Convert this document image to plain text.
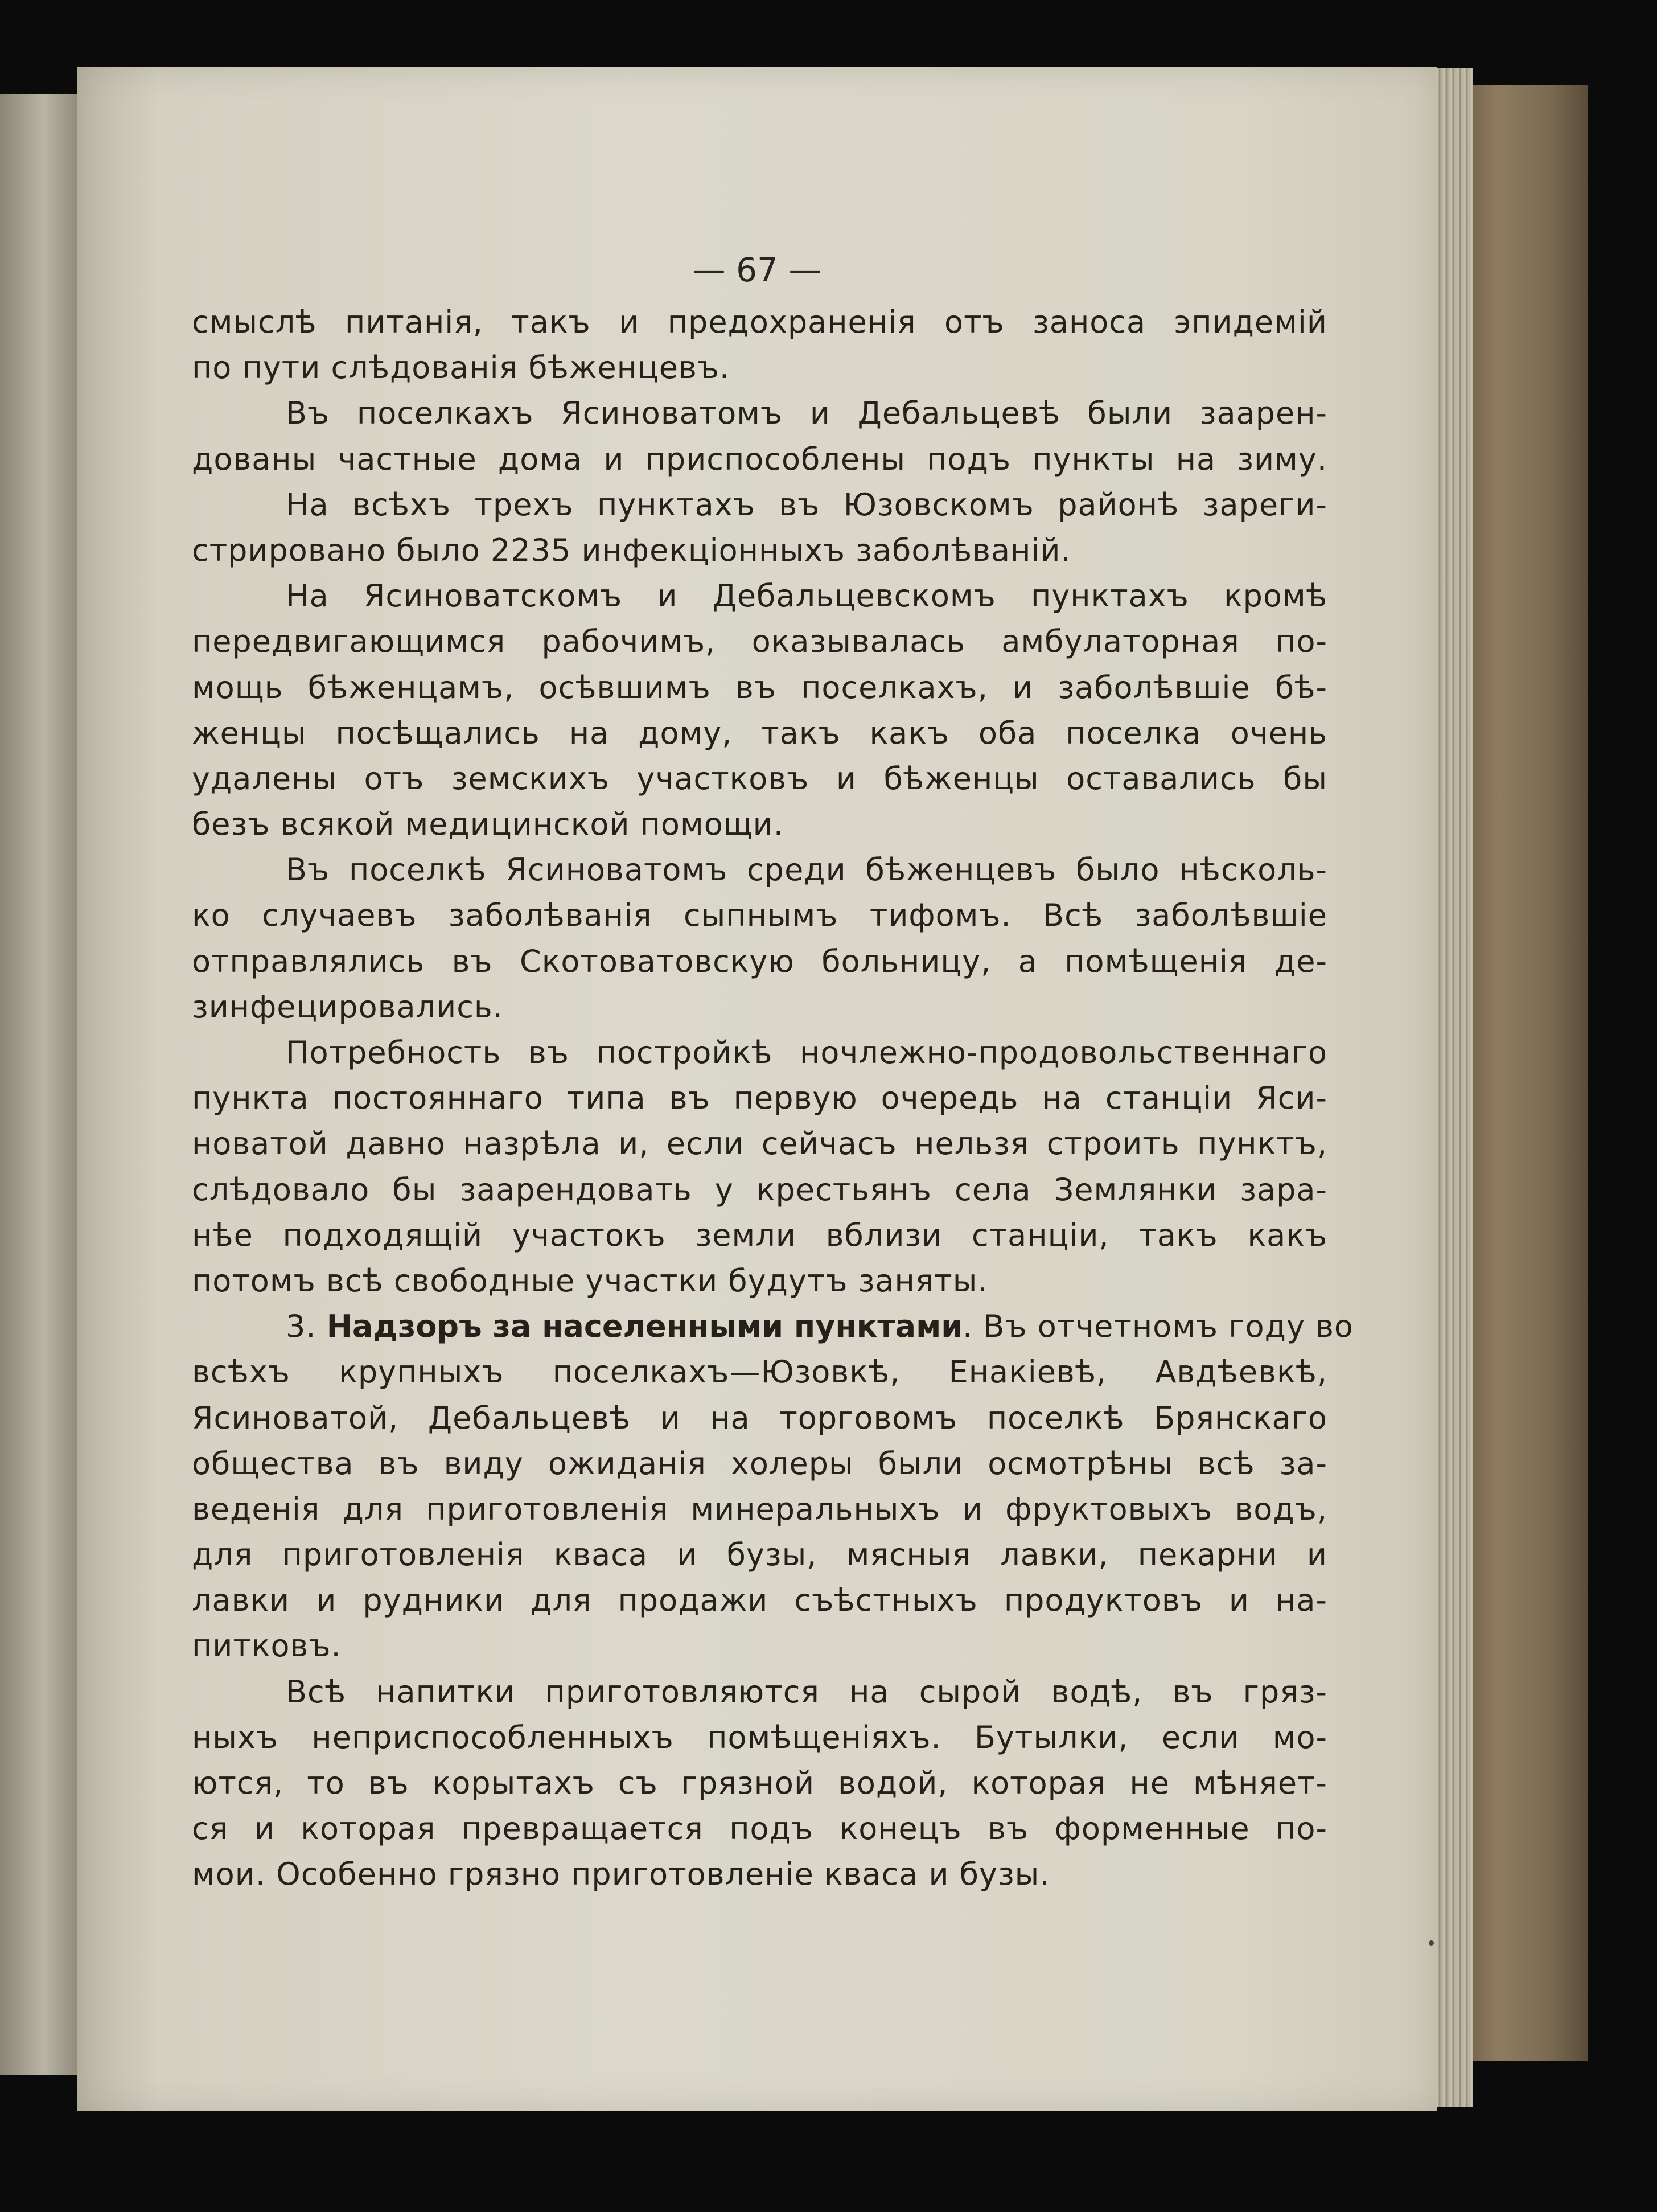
— 67 —
смыслѣ питанія, такъ и предохраненія отъ заноса эпидемій
по пути слѣдованія бѣженцевъ.
Въ поселкахъ Ясиноватомъ и Дебальцевѣ были заарен-
дованы частные дома и приспособлены подъ пункты на зиму.
На всѣхъ трехъ пунктахъ въ Юзовскомъ районѣ зареги-
стрировано было 2235 инфекціонныхъ заболѣваній.
На Ясиноватскомъ и Дебальцевскомъ пунктахъ кромѣ
передвигающимся рабочимъ, оказывалась амбулаторная по-
мощь бѣженцамъ, осѣвшимъ въ поселкахъ, и заболѣвшіе бѣ-
женцы посѣщались на дому, такъ какъ оба поселка очень
удалены отъ земскихъ участковъ и бѣженцы оставались бы
безъ всякой медицинской помощи.
Въ поселкѣ Ясиноватомъ среди бѣженцевъ было нѣсколь-
ко случаевъ заболѣванія сыпнымъ тифомъ. Всѣ заболѣвшіе
отправлялись въ Скотоватовскую больницу, а помѣщенія де-
зинфецировались.
Потребность въ постройкѣ ночлежно-продовольственнаго
пункта постояннаго типа въ первую очередь на станціи Яси-
новатой давно назрѣла и, если сейчасъ нельзя строить пунктъ,
слѣдовало бы заарендовать у крестьянъ села Землянки зара-
нѣе подходящій участокъ земли вблизи станціи, такъ какъ
потомъ всѣ свободные участки будутъ заняты.
3. Надзоръ за населенными пунктами. Въ отчетномъ году во
всѣхъ крупныхъ поселкахъ—Юзовкѣ, Енакіевѣ, Авдѣевкѣ,
Ясиноватой, Дебальцевѣ и на торговомъ поселкѣ Брянскаго
общества въ виду ожиданія холеры были осмотрѣны всѣ за-
веденія для приготовленія минеральныхъ и фруктовыхъ водъ,
для приготовленія кваса и бузы, мясныя лавки, пекарни и
лавки и рудники для продажи съѣстныхъ продуктовъ и на-
питковъ.
Всѣ напитки приготовляются на сырой водѣ, въ гряз-
ныхъ неприспособленныхъ помѣщеніяхъ. Бутылки, если мо-
ются, то въ корытахъ съ грязной водой, которая не мѣняет-
ся и которая превращается подъ конецъ въ форменные по-
мои. Особенно грязно приготовленіе кваса и бузы.
